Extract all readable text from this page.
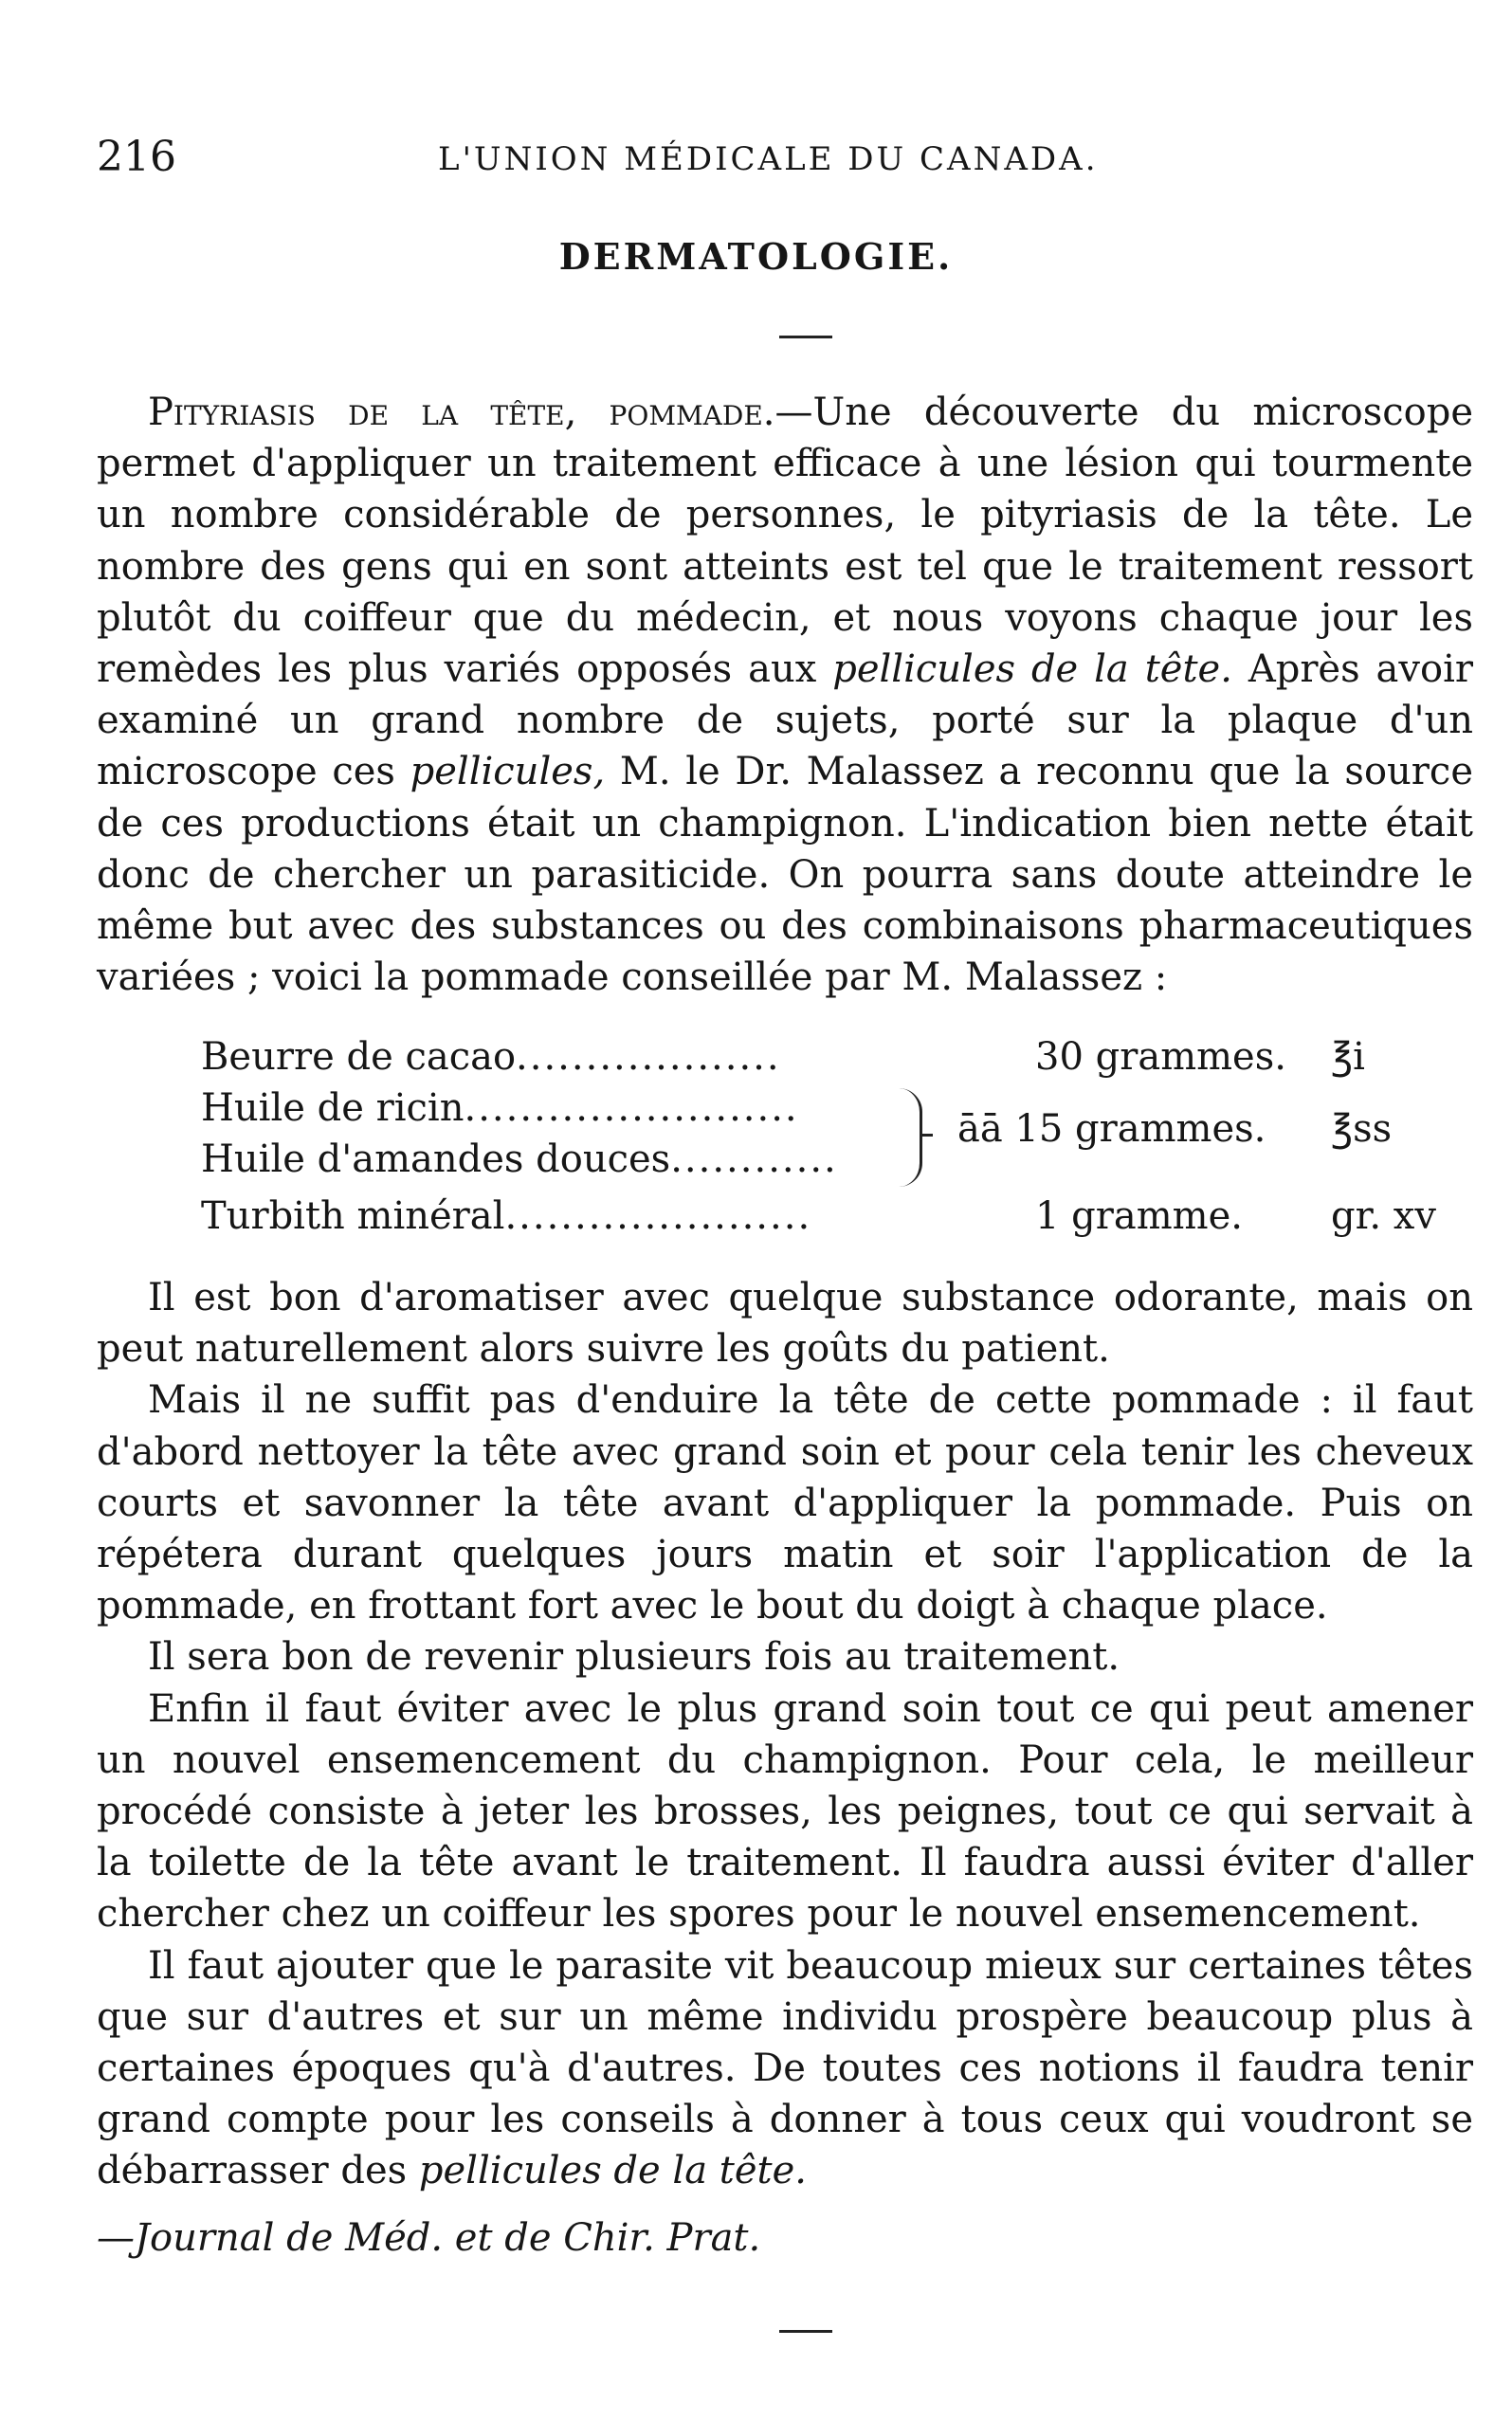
216	L'UNION MÉDICALE DU CANADA.
DERMATOLOGIE.

Pityriasis de la tête, pommade.—Une découverte du microscope permet d'appliquer un traitement efficace à une lésion qui tourmente un nombre considérable de personnes, le pityriasis de la tête. Le nombre des gens qui en sont atteints est tel que le traitement ressort plutôt du coiffeur que du médecin, et nous voyons chaque jour les remèdes les plus variés opposés aux pellicules de la tête. Après avoir examiné un grand nombre de sujets, porté sur la plaque d'un microscope ces pellicules, M. le Dr. Malassez a reconnu que la source de ces productions était un champignon. L'indication bien nette était donc de chercher un parasiticide. On pourra sans doute atteindre le même but avec des substances ou des combinaisons pharmaceutiques variées ; voici la pommade conseillée par M. Malassez :

Beurre de cacao...................	30 grammes. ℥i
Huile de ricin........................
Huile d'amandes douces............
āā 15 grammes. ℥ss
Turbith minéral......................	1 gramme. gr. xv

Il est bon d'aromatiser avec quelque substance odorante, mais on peut naturellement alors suivre les goûts du patient.

Mais il ne suffit pas d'enduire la tête de cette pommade : il faut d'abord nettoyer la tête avec grand soin et pour cela tenir les cheveux courts et savonner la tête avant d'appliquer la pommade. Puis on répétera durant quelques jours matin et soir l'application de la pommade, en frottant fort avec le bout du doigt à chaque place.

Il sera bon de revenir plusieurs fois au traitement.

Enfin il faut éviter avec le plus grand soin tout ce qui peut amener un nouvel ensemencement du champignon. Pour cela, le meilleur procédé consiste à jeter les brosses, les peignes, tout ce qui servait à la toilette de la tête avant le traitement. Il faudra aussi éviter d'aller chercher chez un coiffeur les spores pour le nouvel ensemencement.

Il faut ajouter que le parasite vit beaucoup mieux sur certaines têtes que sur d'autres et sur un même individu prospère beaucoup plus à certaines époques qu'à d'autres. De toutes ces notions il faudra tenir grand compte pour les conseils à donner à tous ceux qui voudront se débarrasser des pellicules de la tête.

—Journal de Méd. et de Chir. Prat.
